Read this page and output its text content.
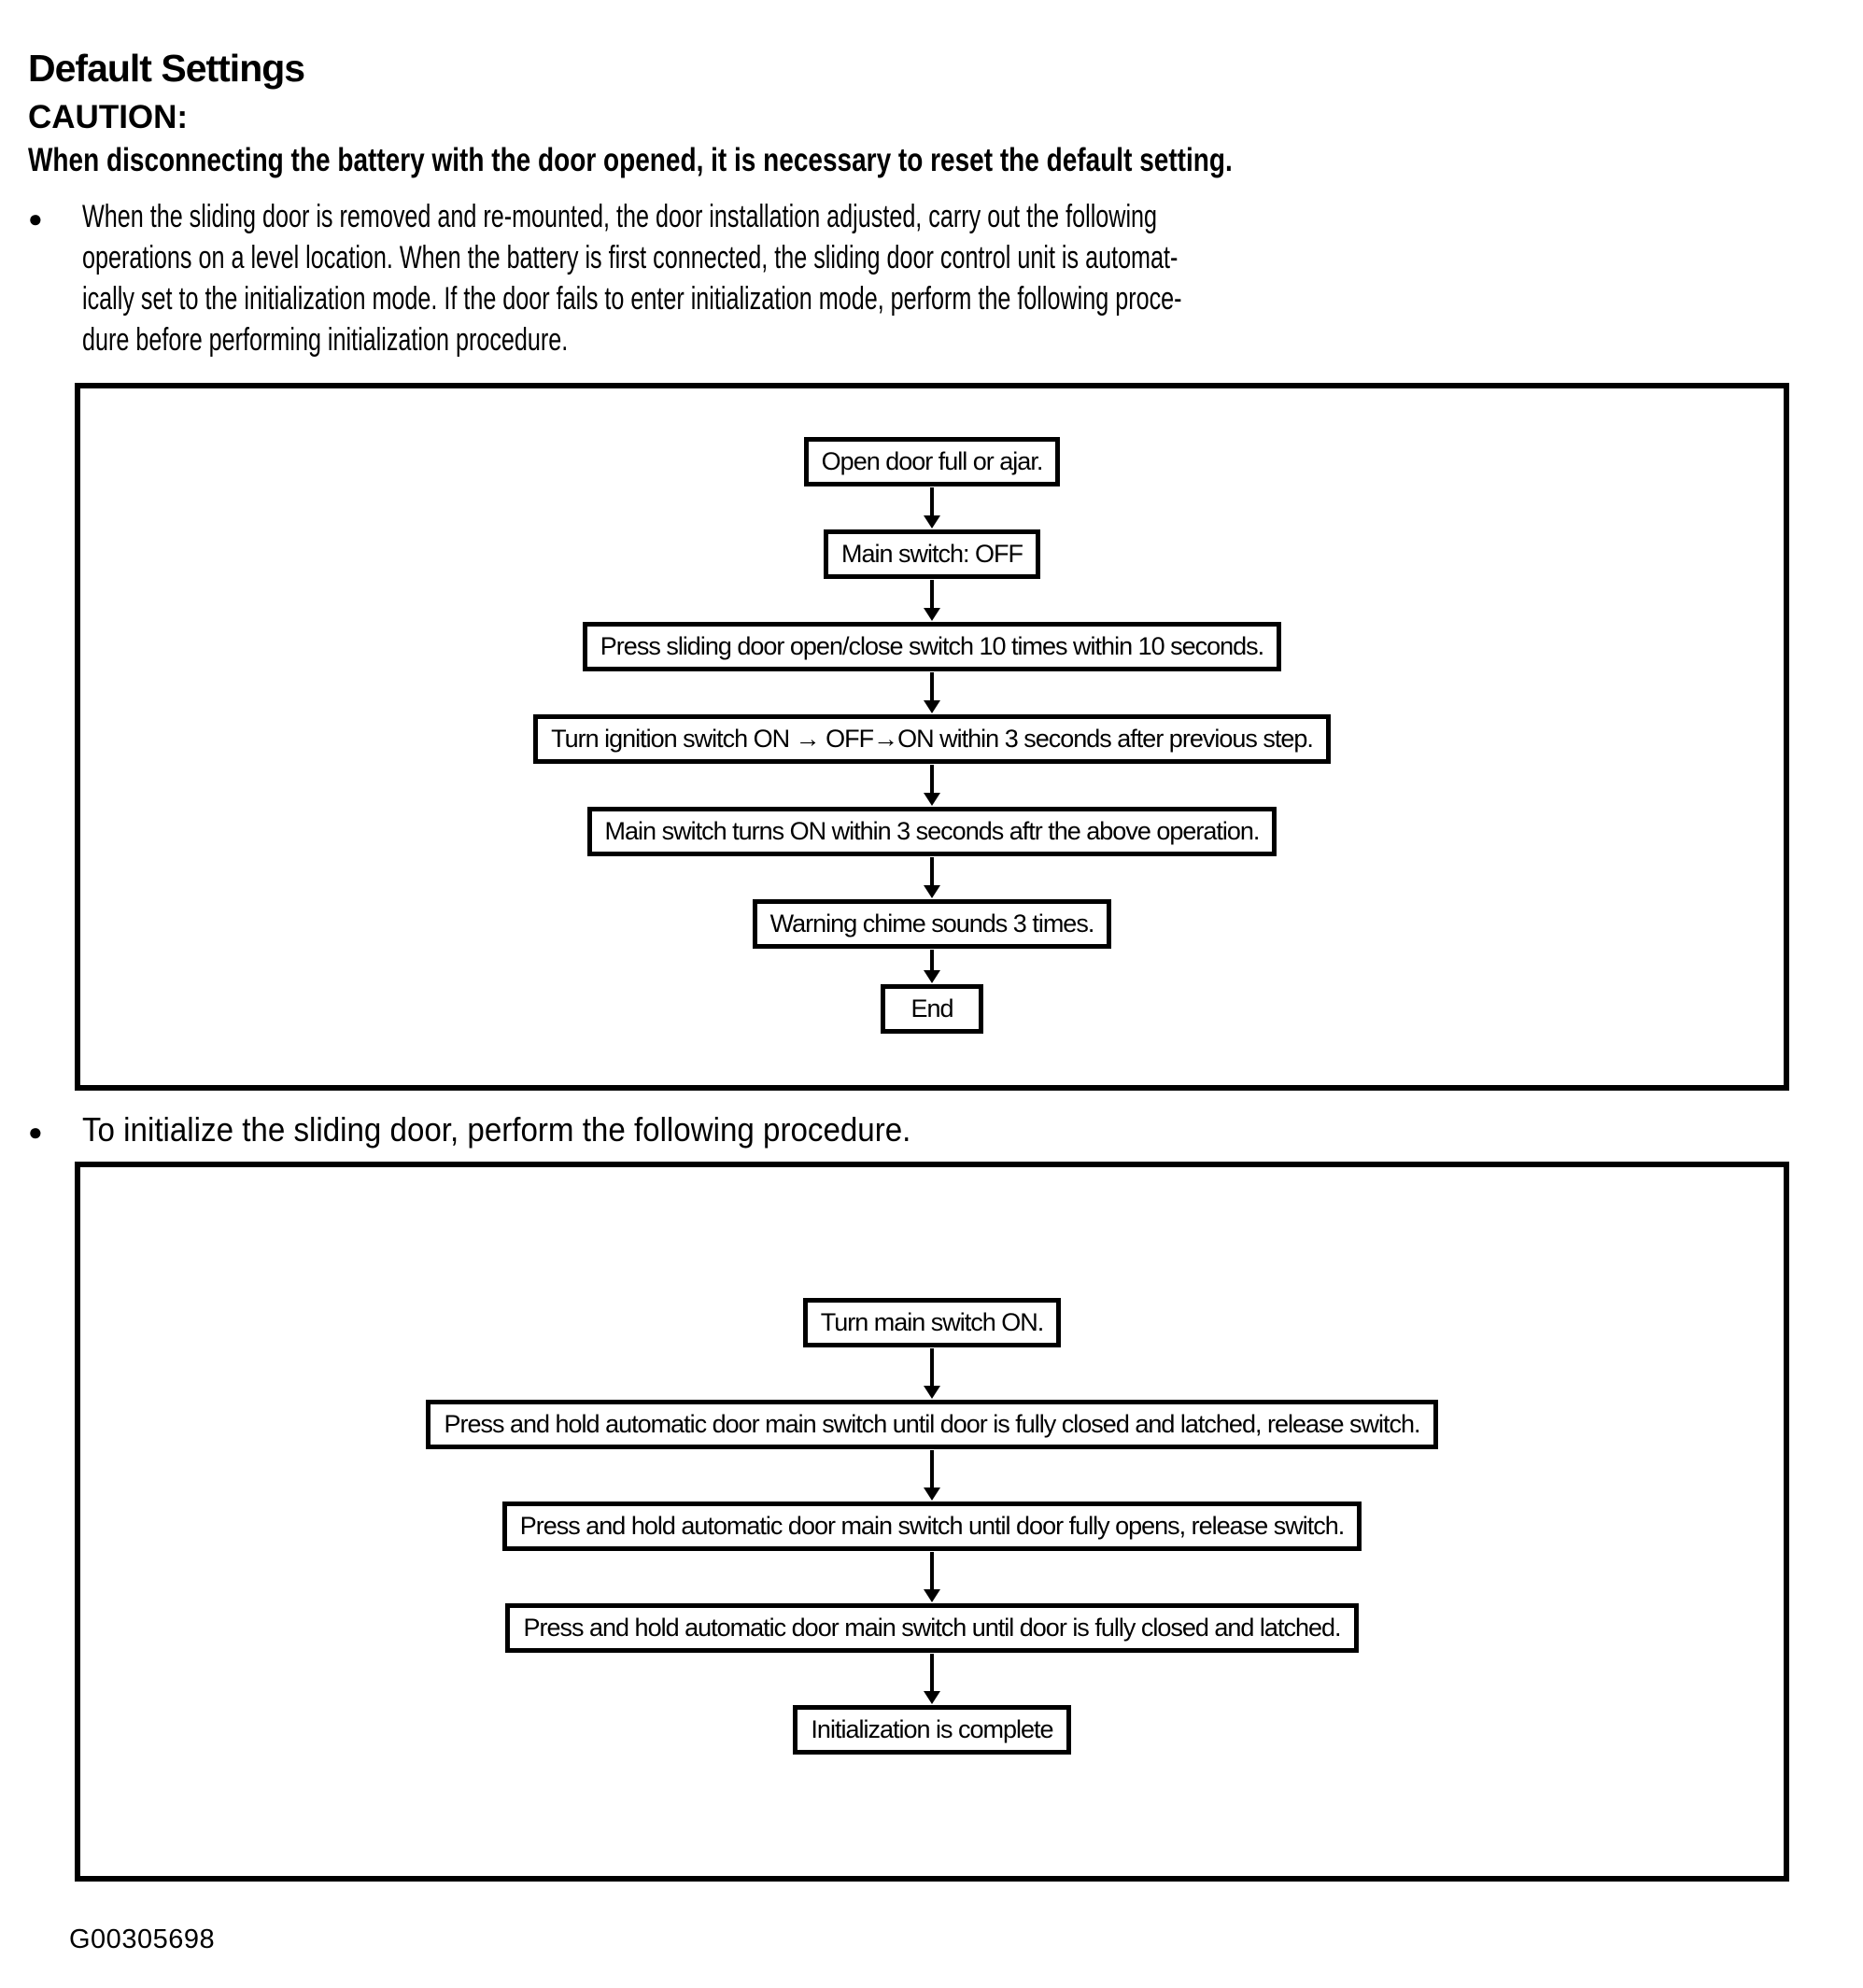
Default Settings
CAUTION:
When disconnecting the battery with the door opened, it is necessary to reset the default setting.
●	When the sliding door is removed and re-mounted, the door installation adjusted, carry out the following
operations on a level location. When the battery is first connected, the sliding door control unit is automat-
ically set to the initialization mode. If the door fails to enter initialization mode, perform the following proce-
dure before performing initialization procedure.
Open door full or ajar.
Main switch: OFF
Press sliding door open/close switch 10 times within 10 seconds.
Turn ignition switch ON → OFF→ON within 3 seconds after previous step.
Main switch turns ON within 3 seconds aftr the above operation.
Warning chime sounds 3 times.
End
●	To initialize the sliding door, perform the following procedure.
Turn main switch ON.
Press and hold automatic door main switch until door is fully closed and latched, release switch.
Press and hold automatic door main switch until door fully opens, release switch.
Press and hold automatic door main switch until door is fully closed and latched.
Initialization is complete
G00305698
